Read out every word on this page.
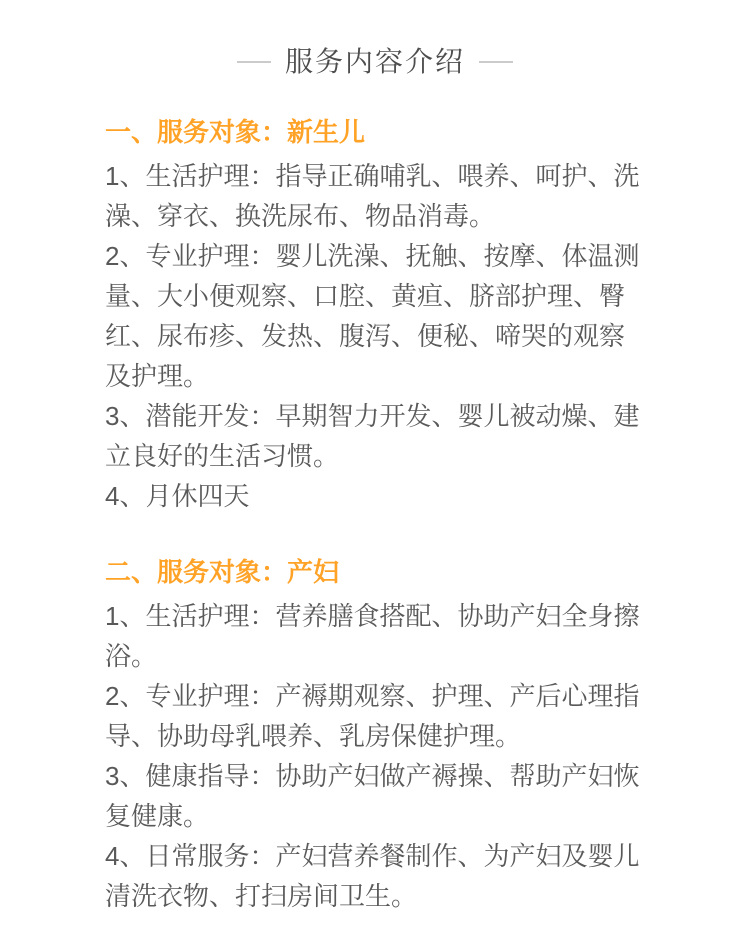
服务内容介绍
一、服务对象：新生儿

1、生活护理：指导正确哺乳、喂养、呵护、洗澡、穿衣、换洗尿布、物品消毒。

2、专业护理：婴儿洗澡、抚触、按摩、体温测量、大小便观察、口腔、黄疸、脐部护理、臀红、尿布疹、发热、腹泻、便秘、啼哭的观察及护理。

3、潜能开发：早期智力开发、婴儿被动燥、建立良好的生活习惯。

4、月休四天

二、服务对象：产妇

1、生活护理：营养膳食搭配、协助产妇全身擦浴。

2、专业护理：产褥期观察、护理、产后心理指导、协助母乳喂养、乳房保健护理。

3、健康指导：协助产妇做产褥操、帮助产妇恢复健康。

4、日常服务：产妇营养餐制作、为产妇及婴儿清洗衣物、打扫房间卫生。
